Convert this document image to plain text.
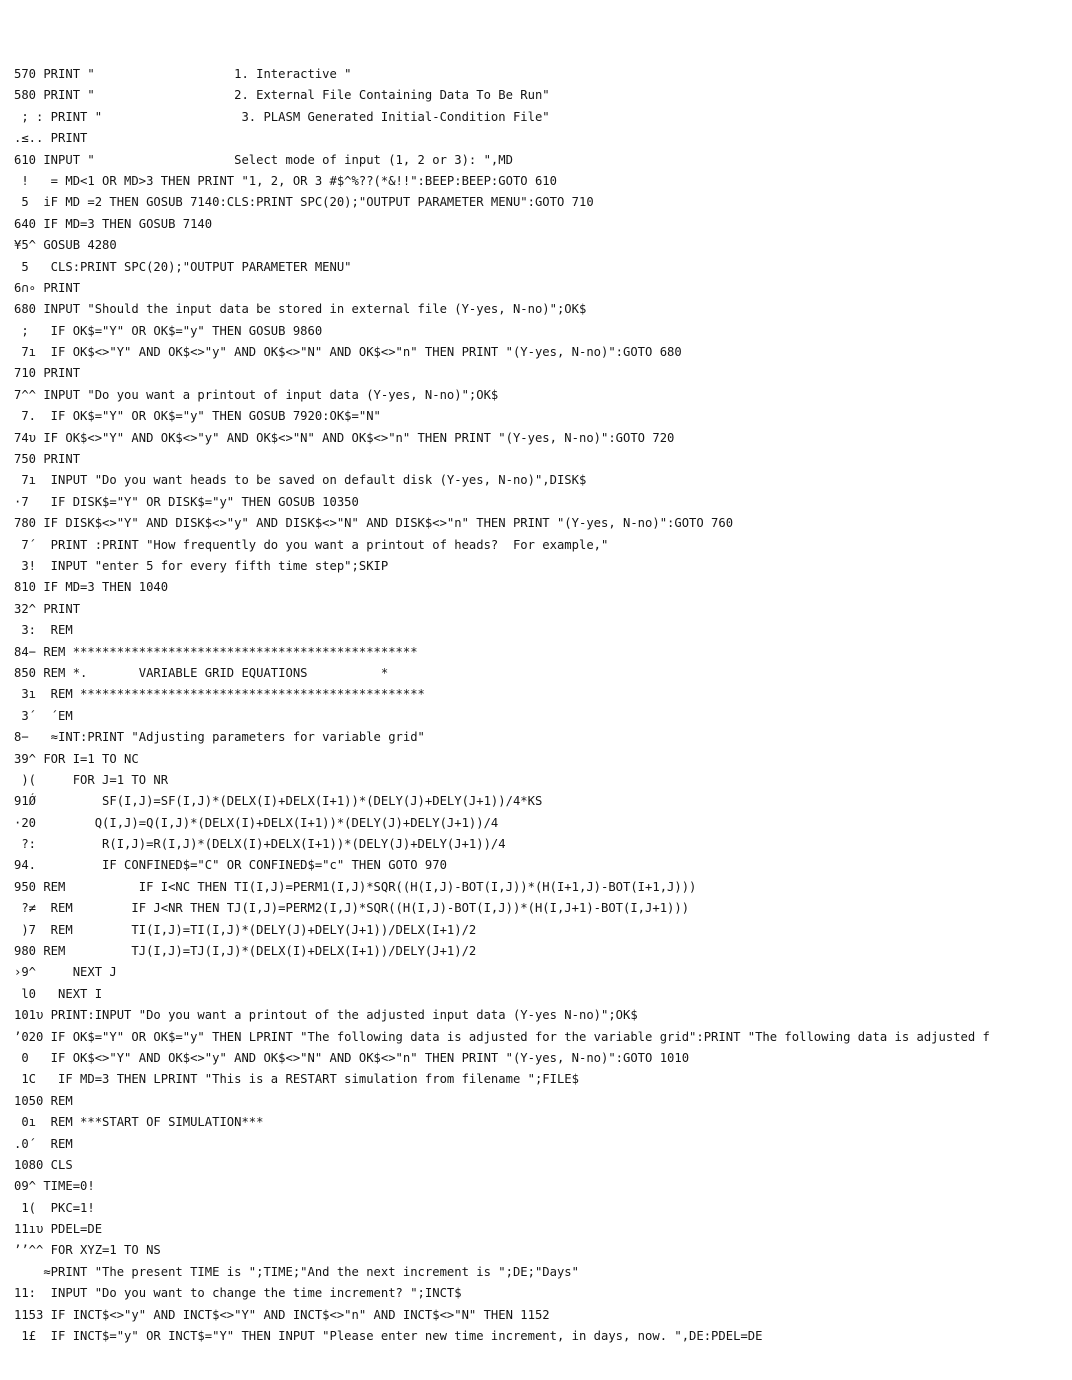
570 PRINT "                   1. Interactive "
580 PRINT "                   2. External File Containing Data To Be Run"
; : PRINT "                   3. PLASM Generated Initial-Condition File"
.≤.. PRINT
610 INPUT "                   Select mode of input (1, 2 or 3): ",MD
!   = MD<1 OR MD>3 THEN PRINT "1, 2, OR 3 #$^%??(*&!!":BEEP:BEEP:GOTO 610
5  iF MD =2 THEN GOSUB 7140:CLS:PRINT SPC(20);"OUTPUT PARAMETER MENU":GOTO 710
640 IF MD=3 THEN GOSUB 7140
¥5^ GOSUB 4280
5   CLS:PRINT SPC(20);"OUTPUT PARAMETER MENU"
6∩∘ PRINT
680 INPUT "Should the input data be stored in external file (Y-yes, N-no)";OK$
;   IF OK$="Y" OR OK$="y" THEN GOSUB 9860
7ı  IF OK$<>"Y" AND OK$<>"y" AND OK$<>"N" AND OK$<>"n" THEN PRINT "(Y-yes, N-no)":GOTO 680
710 PRINT
7^^ INPUT "Do you want a printout of input data (Y-yes, N-no)";OK$
7.  IF OK$="Y" OR OK$="y" THEN GOSUB 7920:OK$="N"
74υ IF OK$<>"Y" AND OK$<>"y" AND OK$<>"N" AND OK$<>"n" THEN PRINT "(Y-yes, N-no)":GOTO 720
750 PRINT
7ı  INPUT "Do you want heads to be saved on default disk (Y-yes, N-no)",DISK$
·7   IF DISK$="Y" OR DISK$="y" THEN GOSUB 10350
780 IF DISK$<>"Y" AND DISK$<>"y" AND DISK$<>"N" AND DISK$<>"n" THEN PRINT "(Y-yes, N-no)":GOTO 760
7´  PRINT :PRINT "How frequently do you want a printout of heads?  For example,"
3!  INPUT "enter 5 for every fifth time step";SKIP
810 IF MD=3 THEN 1040
32^ PRINT
3:  REM
84− REM ***********************************************
850 REM *.       VARIABLE GRID EQUATIONS          *
3ı  REM ***********************************************
3´  ´EM
8−   ≈INT:PRINT "Adjusting parameters for variable grid"
39^ FOR I=1 TO NC
)(     FOR J=1 TO NR
91Ǿ         SF(I,J)=SF(I,J)*(DELX(I)+DELX(I+1))*(DELY(J)+DELY(J+1))/4*KS
·20        Q(I,J)=Q(I,J)*(DELX(I)+DELX(I+1))*(DELY(J)+DELY(J+1))/4
?:         R(I,J)=R(I,J)*(DELX(I)+DELX(I+1))*(DELY(J)+DELY(J+1))/4
94.         IF CONFINED$="C" OR CONFINED$="c" THEN GOTO 970
950 REM          IF I<NC THEN TI(I,J)=PERM1(I,J)*SQR((H(I,J)-BOT(I,J))*(H(I+1,J)-BOT(I+1,J)))
?≠  REM        IF J<NR THEN TJ(I,J)=PERM2(I,J)*SQR((H(I,J)-BOT(I,J))*(H(I,J+1)-BOT(I,J+1)))
)7  REM        TI(I,J)=TI(I,J)*(DELY(J)+DELY(J+1))/DELX(I+1)/2
980 REM         TJ(I,J)=TJ(I,J)*(DELX(I)+DELX(I+1))/DELY(J+1)/2
›9^     NEXT J
l0   NEXT I
101υ PRINT:INPUT "Do you want a printout of the adjusted input data (Y-yes N-no)";OK$
’020 IF OK$="Y" OR OK$="y" THEN LPRINT "The following data is adjusted for the variable grid":PRINT "The following data is adjusted f
0   IF OK$<>"Y" AND OK$<>"y" AND OK$<>"N" AND OK$<>"n" THEN PRINT "(Y-yes, N-no)":GOTO 1010
1C   IF MD=3 THEN LPRINT "This is a RESTART simulation from filename ";FILE$
1050 REM
0ı  REM ***START OF SIMULATION***
.0´  REM
1080 CLS
09^ TIME=0!
1(  PKC=1!
11ıυ PDEL=DE
’’^^ FOR XYZ=1 TO NS
≈PRINT "The present TIME is ";TIME;"And the next increment is ";DE;"Days"
11:  INPUT "Do you want to change the time increment? ";INCT$
1153 IF INCT$<>"y" AND INCT$<>"Y" AND INCT$<>"n" AND INCT$<>"N" THEN 1152
1£  IF INCT$="y" OR INCT$="Y" THEN INPUT "Please enter new time increment, in days, now. ",DE:PDEL=DE
